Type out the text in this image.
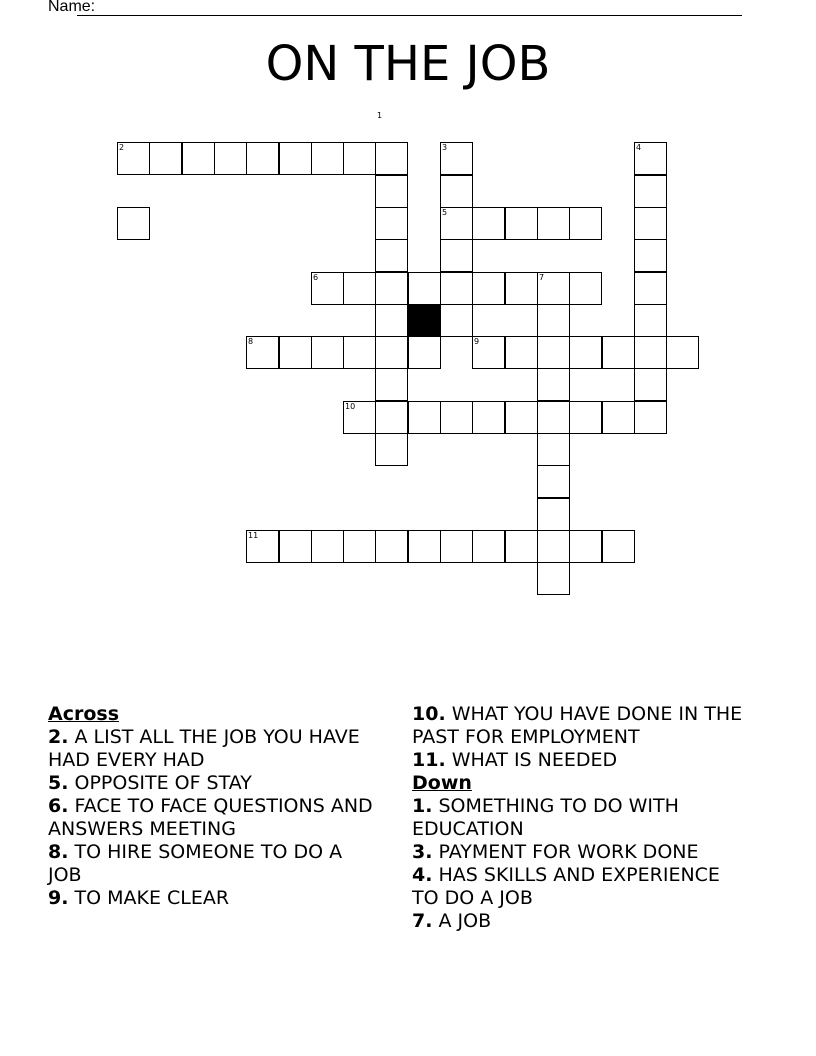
Name:
ON THE JOB
1
2	3	4
5
6	7
8	9
10
11
Across

2. A LIST ALL THE JOB YOU HAVE HAD EVERY HAD

5. OPPOSITE OF STAY

6. FACE TO FACE QUESTIONS AND ANSWERS MEETING

8. TO HIRE SOMEONE TO DO A JOB

9. TO MAKE CLEAR

10. WHAT YOU HAVE DONE IN THE PAST FOR EMPLOYMENT

11. WHAT IS NEEDED

Down

1. SOMETHING TO DO WITH EDUCATION

3. PAYMENT FOR WORK DONE

4. HAS SKILLS AND EXPERIENCE TO DO A JOB

7. A JOB
